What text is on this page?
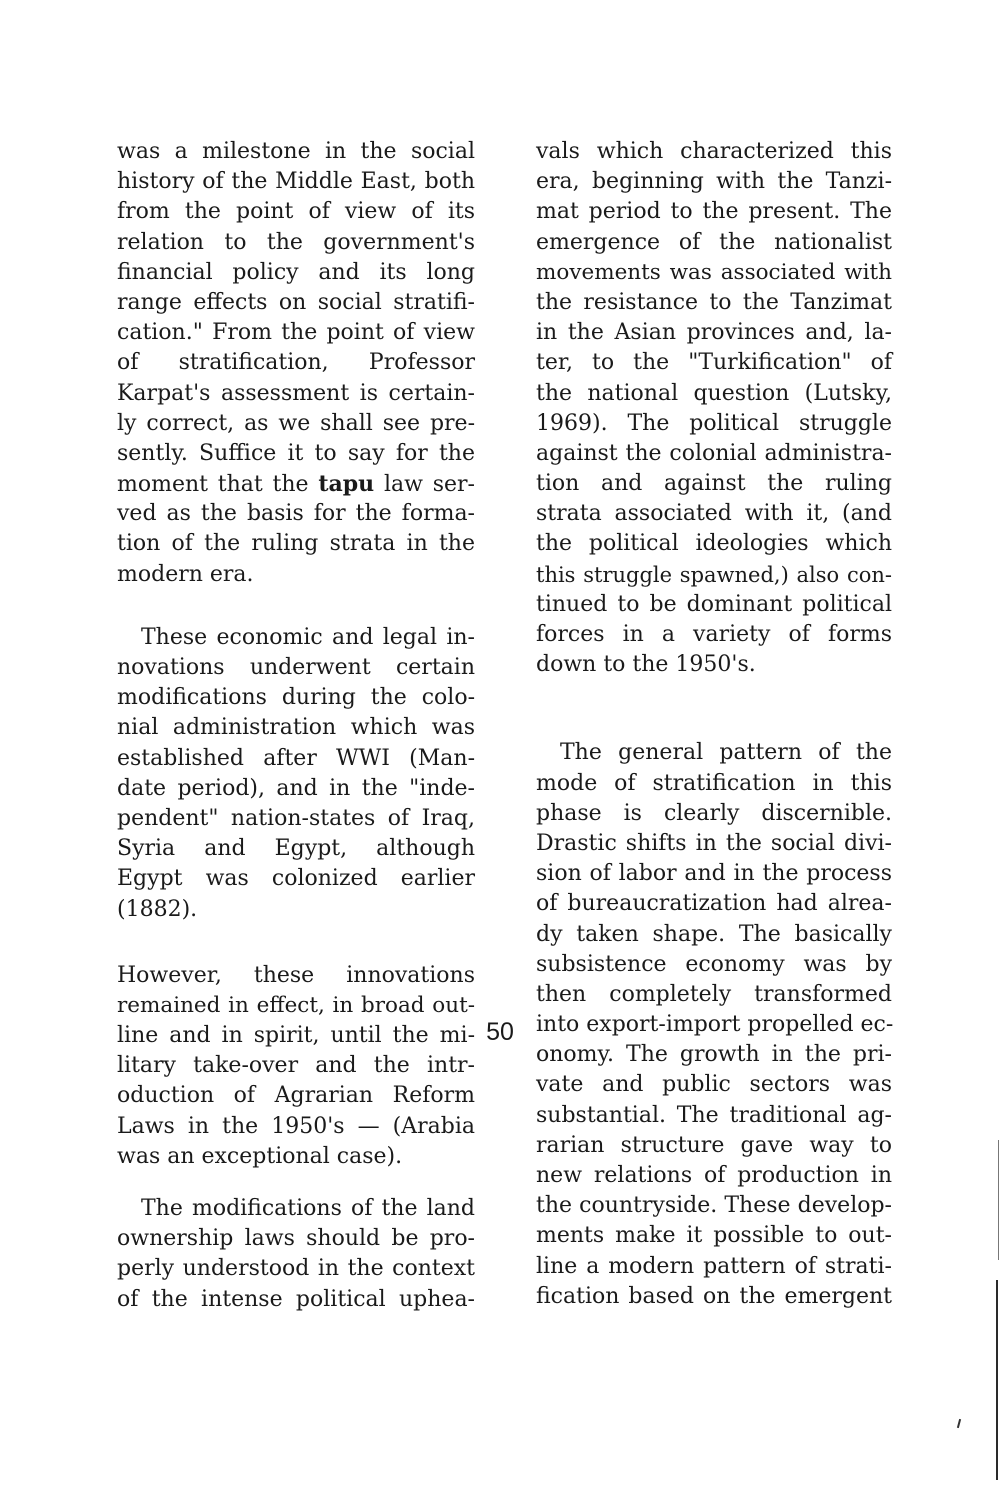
was a milestone in the social
history of the Middle East, both
from the point of view of its
relation to the government's
financial policy and its long
range effects on social stratifi-
cation." From the point of view
of stratification, Professor
Karpat's assessment is certain-
ly correct, as we shall see pre-
sently. Suffice it to say for the
moment that the tapu law ser-
ved as the basis for the forma-
tion of the ruling strata in the
modern era.
These economic and legal in-
novations underwent certain
modifications during the colo-
nial administration which was
established after WWI (Man-
date period), and in the "inde-
pendent" nation-states of Iraq,
Syria and Egypt, although
Egypt was colonized earlier
(1882).
However, these innovations
remained in effect, in broad out-
line and in spirit, until the mi-
litary take-over and the intr-
oduction of Agrarian Reform
Laws in the 1950's — (Arabia
was an exceptional case).
The modifications of the land
ownership laws should be pro-
perly understood in the context
of the intense political uphea-
vals which characterized this
era, beginning with the Tanzi-
mat period to the present. The
emergence of the nationalist
movements was associated with
the resistance to the Tanzimat
in the Asian provinces and, la-
ter, to the "Turkification" of
the national question (Lutsky,
1969). The political struggle
against the colonial administra-
tion and against the ruling
strata associated with it, (and
the political ideologies which
this struggle spawned,) also con-
tinued to be dominant political
forces in a variety of forms
down to the 1950's.
The general pattern of the
mode of stratification in this
phase is clearly discernible.
Drastic shifts in the social divi-
sion of labor and in the process
of bureaucratization had alrea-
dy taken shape. The basically
subsistence economy was by
then completely transformed
into export-import propelled ec-
onomy. The growth in the pri-
vate and public sectors was
substantial. The traditional ag-
rarian structure gave way to
new relations of production in
the countryside. These develop-
ments make it possible to out-
line a modern pattern of strati-
fication based on the emergent
50
